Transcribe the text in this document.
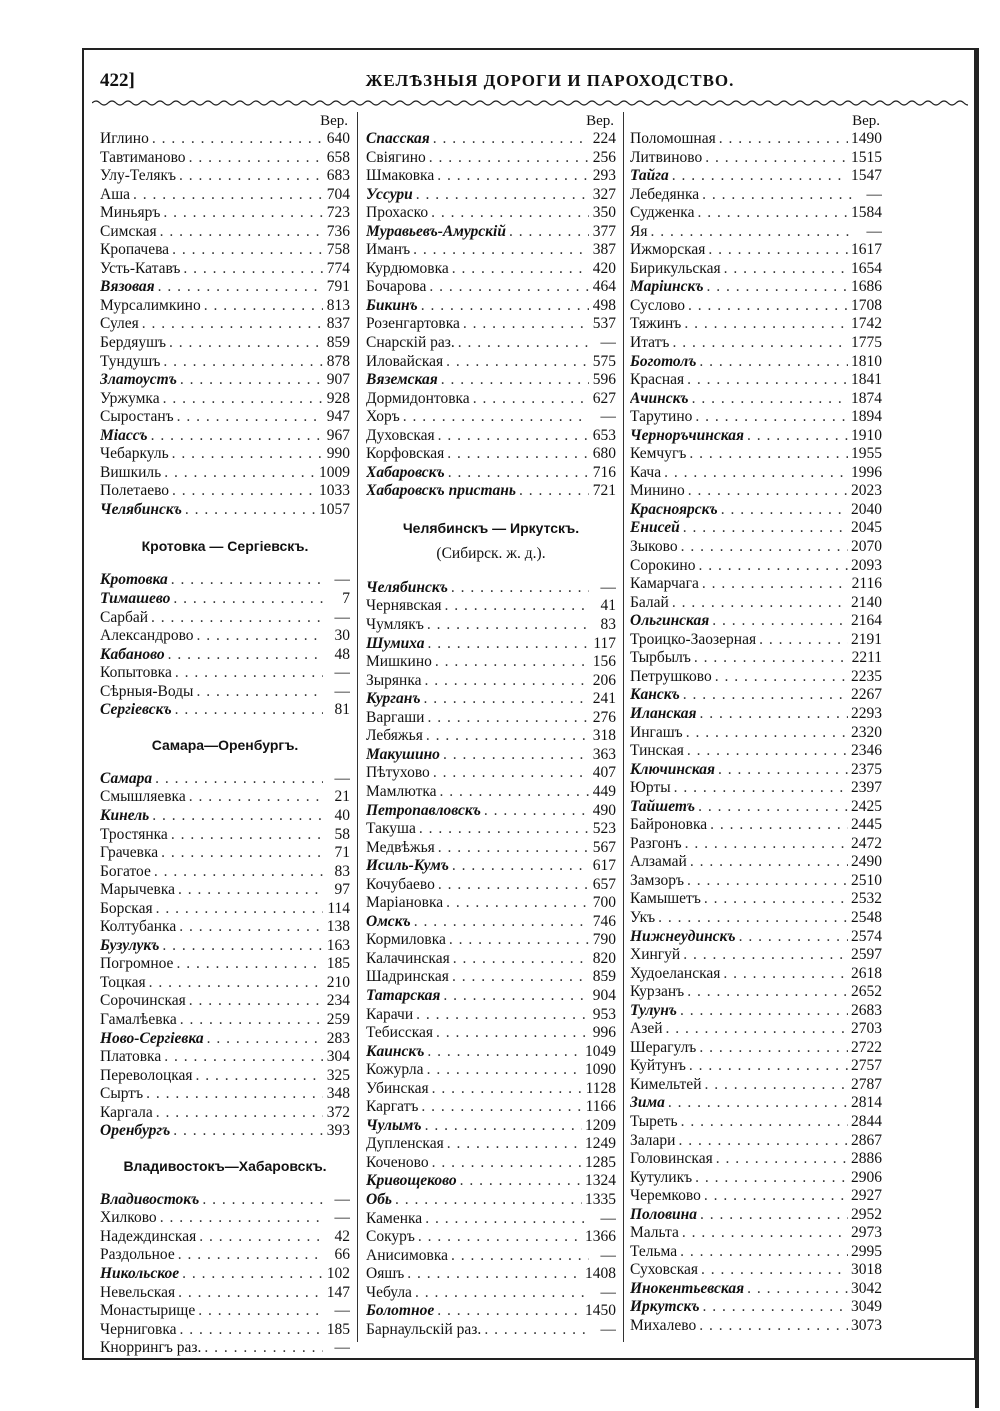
422]	ЖЕЛѢЗНЫЯ ДОРОГИ И ПАРОХОДСТВО.
Вер.
Иглино . . .	640
Тавтиманово . . .	658
Улу-Телякъ . . .	683
Аша . . .	704
Миньяръ . . .	723
Симская . . .	736
Кропачева . . .	758
Усть-Катавъ . . .	774
Вязовая . . .	791
Мурсалимкино . . .	813
Сулея . . .	837
Бердяушъ . . .	859
Тундушъ . . .	878
Златоустъ . . .	907
Уржумка . . .	928
Сыростанъ . . .	947
Міассъ . . .	967
Чебаркуль . . .	990
Вишкиль . . .	1009
Полетаево . . .	1033
Челябинскъ . . .	1057
Кротовка — Сергіевскъ.
Кротовка . . .	—
Тимашево . . .	7
Сарбай . . .	—
Александрово . . .	30
Кабаново . . .	48
Копытовка . . .	—
Сѣрныя-Воды . . .	—
Сергіевскъ . . .	81
Самара—Оренбургъ.
Самара . . .	—
Смышляевка . . .	21
Кинель . . .	40
Тростянка . . .	58
Грачевка . . .	71
Богатое . . .	83
Марычевка . . .	97
Борская . . .	114
Колтубанка . . .	138
Бузулукъ . . .	163
Погромное . . .	185
Тоцкая . . .	210
Сорочинская . . .	234
Гамалѣевка . . .	259
Ново-Сергіевка . . .	283
Платовка . . .	304
Переволоцкая . . .	325
Сыртъ . . .	348
Каргала . . .	372
Оренбургъ . . .	393
Владивостокъ—Хабаровскъ.
Владивостокъ . . .	—
Хилково . . .	—
Надеждинская . . .	42
Раздольное . . .	66
Никольское . . .	102
Невельская . . .	147
Монастырище . . .	—
Черниговка . . .	185
Кноррингъ раз. . . .	—
Вер.
Спасская . . .	224
Свіягино . . .	256
Шмаковка . . .	293
Уссури . . .	327
Прохаско . . .	350
Муравьевъ-Амурскій . . .	377
Иманъ . . .	387
Курдюмовка . . .	420
Бочарова . . .	464
Бикинъ . . .	498
Розенгартовка . . .	537
Снарскій раз. . . .	—
Иловайская . . .	575
Вяземская . . .	596
Дормидонтовка . . .	627
Хоръ . . .	—
Духовская . . .	653
Корфовская . . .	680
Хабаровскъ . . .	716
Хабаровскъ пристань . . .	721
Челябинскъ — Иркутскъ.
(Сибирск. ж. д.).
Челябинскъ . . .	—
Чернявская . . .	41
Чумлякъ . . .	83
Шумиха . . .	117
Мишкино . . .	156
Зырянка . . .	206
Курганъ . . .	241
Варгаши . . .	276
Лебяжья . . .	318
Макушино . . .	363
Пѣтухово . . .	407
Мамлютка . . .	449
Петропавловскъ . . .	490
Такуша . . .	523
Медвѣжья . . .	567
Исиль-Кумъ . . .	617
Кочубаево . . .	657
Маріановка . . .	700
Омскъ . . .	746
Кормиловка . . .	790
Калачинская . . .	820
Шадринская . . .	859
Татарская . . .	904
Карачи . . .	953
Тебисская . . .	996
Каинскъ . . .	1049
Кожурла . . .	1090
Убинская . . .	1128
Каргатъ . . .	1166
Чулымъ . . .	1209
Дупленская . . .	1249
Коченово . . .	1285
Кривощеково . . .	1324
Обь . . .	1335
Каменка . . .	—
Сокуръ . . .	1366
Анисимовка . . .	—
Ояшъ . . .	1408
Чебула . . .	—
Болотное . . .	1450
Барнаульскій раз. . . .	—
Вер.
Поломошная . . .	1490
Литвиново . . .	1515
Тайга . . .	1547
Лебедянка . . .	—
Судженка . . .	1584
Яя . . .	—
Ижморская . . .	1617
Бирикульская . . .	1654
Маріинскъ . . .	1686
Суслово . . .	1708
Тяжинъ . . .	1742
Итатъ . . .	1775
Боготолъ . . .	1810
Красная . . .	1841
Ачинскъ . . .	1874
Тарутино . . .	1894
Черноръчинская . . .	1910
Кемчугъ . . .	1955
Кача . . .	1996
Минино . . .	2023
Красноярскъ . . .	2040
Енисей . . .	2045
Зыково . . .	2070
Сорокино . . .	2093
Камарчага . . .	2116
Балай . . .	2140
Ольгинская . . .	2164
Троицко-Заозерная . . .	2191
Тырбылъ . . .	2211
Петрушково . . .	2235
Канскъ . . .	2267
Иланская . . .	2293
Ингашъ . . .	2320
Тинская . . .	2346
Ключинская . . .	2375
Юрты . . .	2397
Тайшетъ . . .	2425
Байроновка . . .	2445
Разгонъ . . .	2472
Алзамай . . .	2490
Замзоръ . . .	2510
Камышетъ . . .	2532
Укъ . . .	2548
Нижнеудинскъ . . .	2574
Хингуй . . .	2597
Худоеланская . . .	2618
Курзанъ . . .	2652
Тулунъ . . .	2683
Азей . . .	2703
Шерагулъ . . .	2722
Куйтунъ . . .	2757
Кимельтей . . .	2787
Зима . . .	2814
Тыреть . . .	2844
Залари . . .	2867
Головинская . . .	2886
Кутуликъ . . .	2906
Черемково . . .	2927
Половина . . .	2952
Мальта . . .	2973
Тельма . . .	2995
Суховская . . .	3018
Инокентьевская . . .	3042
Иркутскъ . . .	3049
Михалево . . .	3073
